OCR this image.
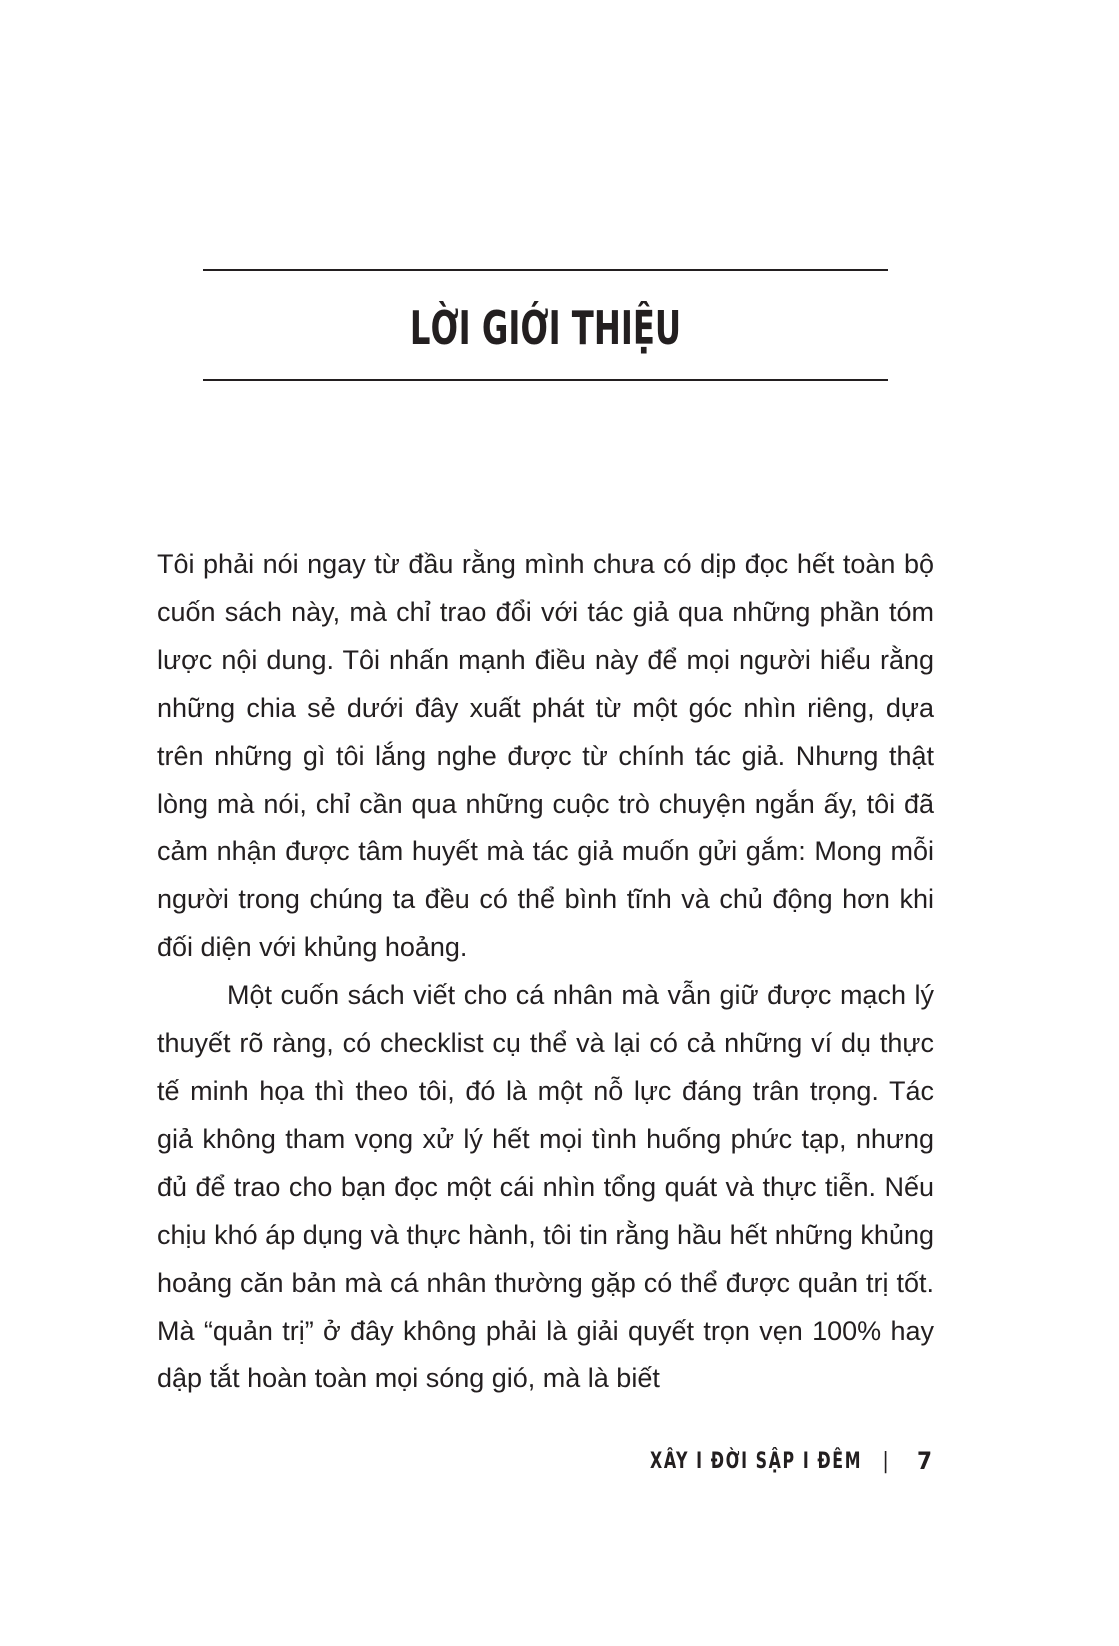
LỜI GIỚI THIỆU

Tôi phải nói ngay từ đầu rằng mình chưa có dịp đọc hết toàn bộ cuốn sách này, mà chỉ trao đổi với tác giả qua những phần tóm lược nội dung. Tôi nhấn mạnh điều này để mọi người hiểu rằng những chia sẻ dưới đây xuất phát từ một góc nhìn riêng, dựa trên những gì tôi lắng nghe được từ chính tác giả. Nhưng thật lòng mà nói, chỉ cần qua những cuộc trò chuyện ngắn ấy, tôi đã cảm nhận được tâm huyết mà tác giả muốn gửi gắm: Mong mỗi người trong chúng ta đều có thể bình tĩnh và chủ động hơn khi đối diện với khủng hoảng.

Một cuốn sách viết cho cá nhân mà vẫn giữ được mạch lý thuyết rõ ràng, có checklist cụ thể và lại có cả những ví dụ thực tế minh họa thì theo tôi, đó là một nỗ lực đáng trân trọng. Tác giả không tham vọng xử lý hết mọi tình huống phức tạp, nhưng đủ để trao cho bạn đọc một cái nhìn tổng quát và thực tiễn. Nếu chịu khó áp dụng và thực hành, tôi tin rằng hầu hết những khủng hoảng căn bản mà cá nhân thường gặp có thể được quản trị tốt. Mà “quản trị” ở đây không phải là giải quyết trọn vẹn 100% hay dập tắt hoàn toàn mọi sóng gió, mà là biết

XÂY I ĐỜI SẬP I ĐÊM | 7
